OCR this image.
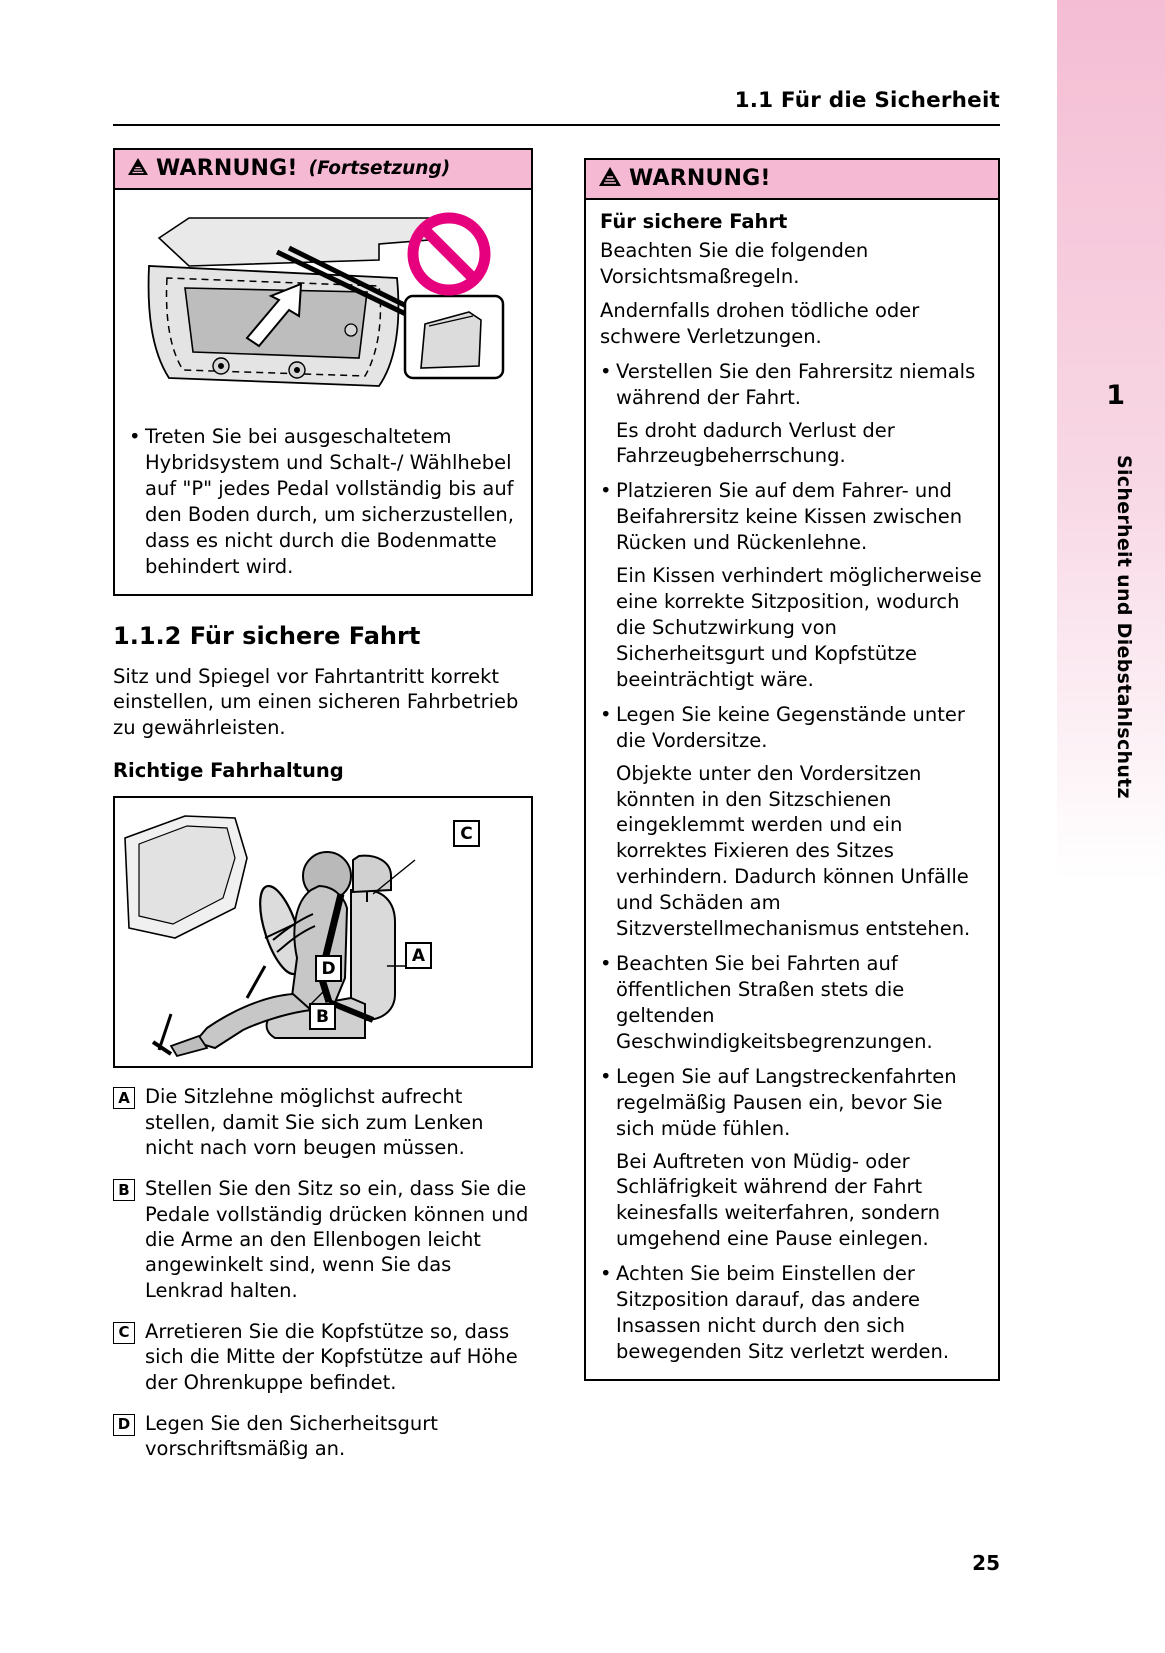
1
Sicherheit und Diebstahlschutz
1.1 Für die Sicherheit
WARNUNG! (Fortsetzung)
• Treten Sie bei ausgeschaltetem Hybridsystem und Schalt-/ Wählhebel auf "P" jedes Pedal vollständig bis auf den Boden durch, um sicherzustellen, dass es nicht durch die Bodenmatte behindert wird.
1.1.2 Für sichere Fahrt

Sitz und Spiegel vor Fahrtantritt korrekt einstellen, um einen sicheren Fahrbetrieb zu gewährleisten.

Richtige Fahrhaltung
C
A
D
B
A Die Sitzlehne möglichst aufrecht stellen, damit Sie sich zum Lenken nicht nach vorn beugen müssen.
B Stellen Sie den Sitz so ein, dass Sie die Pedale vollständig drücken können und die Arme an den Ellenbogen leicht angewinkelt sind, wenn Sie das Lenkrad halten.
C Arretieren Sie die Kopfstütze so, dass sich die Mitte der Kopfstütze auf Höhe der Ohrenkuppe befindet.
D Legen Sie den Sicherheitsgurt vorschriftsmäßig an.
WARNUNG!
Für sichere Fahrt
Beachten Sie die folgenden Vorsichtsmaßregeln.
Andernfalls drohen tödliche oder schwere Verletzungen.
• Verstellen Sie den Fahrersitz niemals während der Fahrt.
Es droht dadurch Verlust der Fahrzeugbeherrschung.
• Platzieren Sie auf dem Fahrer- und Beifahrersitz keine Kissen zwischen Rücken und Rückenlehne.
Ein Kissen verhindert möglicherweise eine korrekte Sitzposition, wodurch die Schutzwirkung von Sicherheitsgurt und Kopfstütze beeinträchtigt wäre.
• Legen Sie keine Gegenstände unter die Vordersitze.
Objekte unter den Vordersitzen könnten in den Sitzschienen eingeklemmt werden und ein korrektes Fixieren des Sitzes verhindern. Dadurch können Unfälle und Schäden am Sitzverstellmechanismus entstehen.
• Beachten Sie bei Fahrten auf öffentlichen Straßen stets die geltenden Geschwindigkeitsbegrenzungen.
• Legen Sie auf Langstreckenfahrten regelmäßig Pausen ein, bevor Sie sich müde fühlen.
Bei Auftreten von Müdig- oder Schläfrigkeit während der Fahrt keinesfalls weiterfahren, sondern umgehend eine Pause einlegen.
• Achten Sie beim Einstellen der Sitzposition darauf, das andere Insassen nicht durch den sich bewegenden Sitz verletzt werden.
25
